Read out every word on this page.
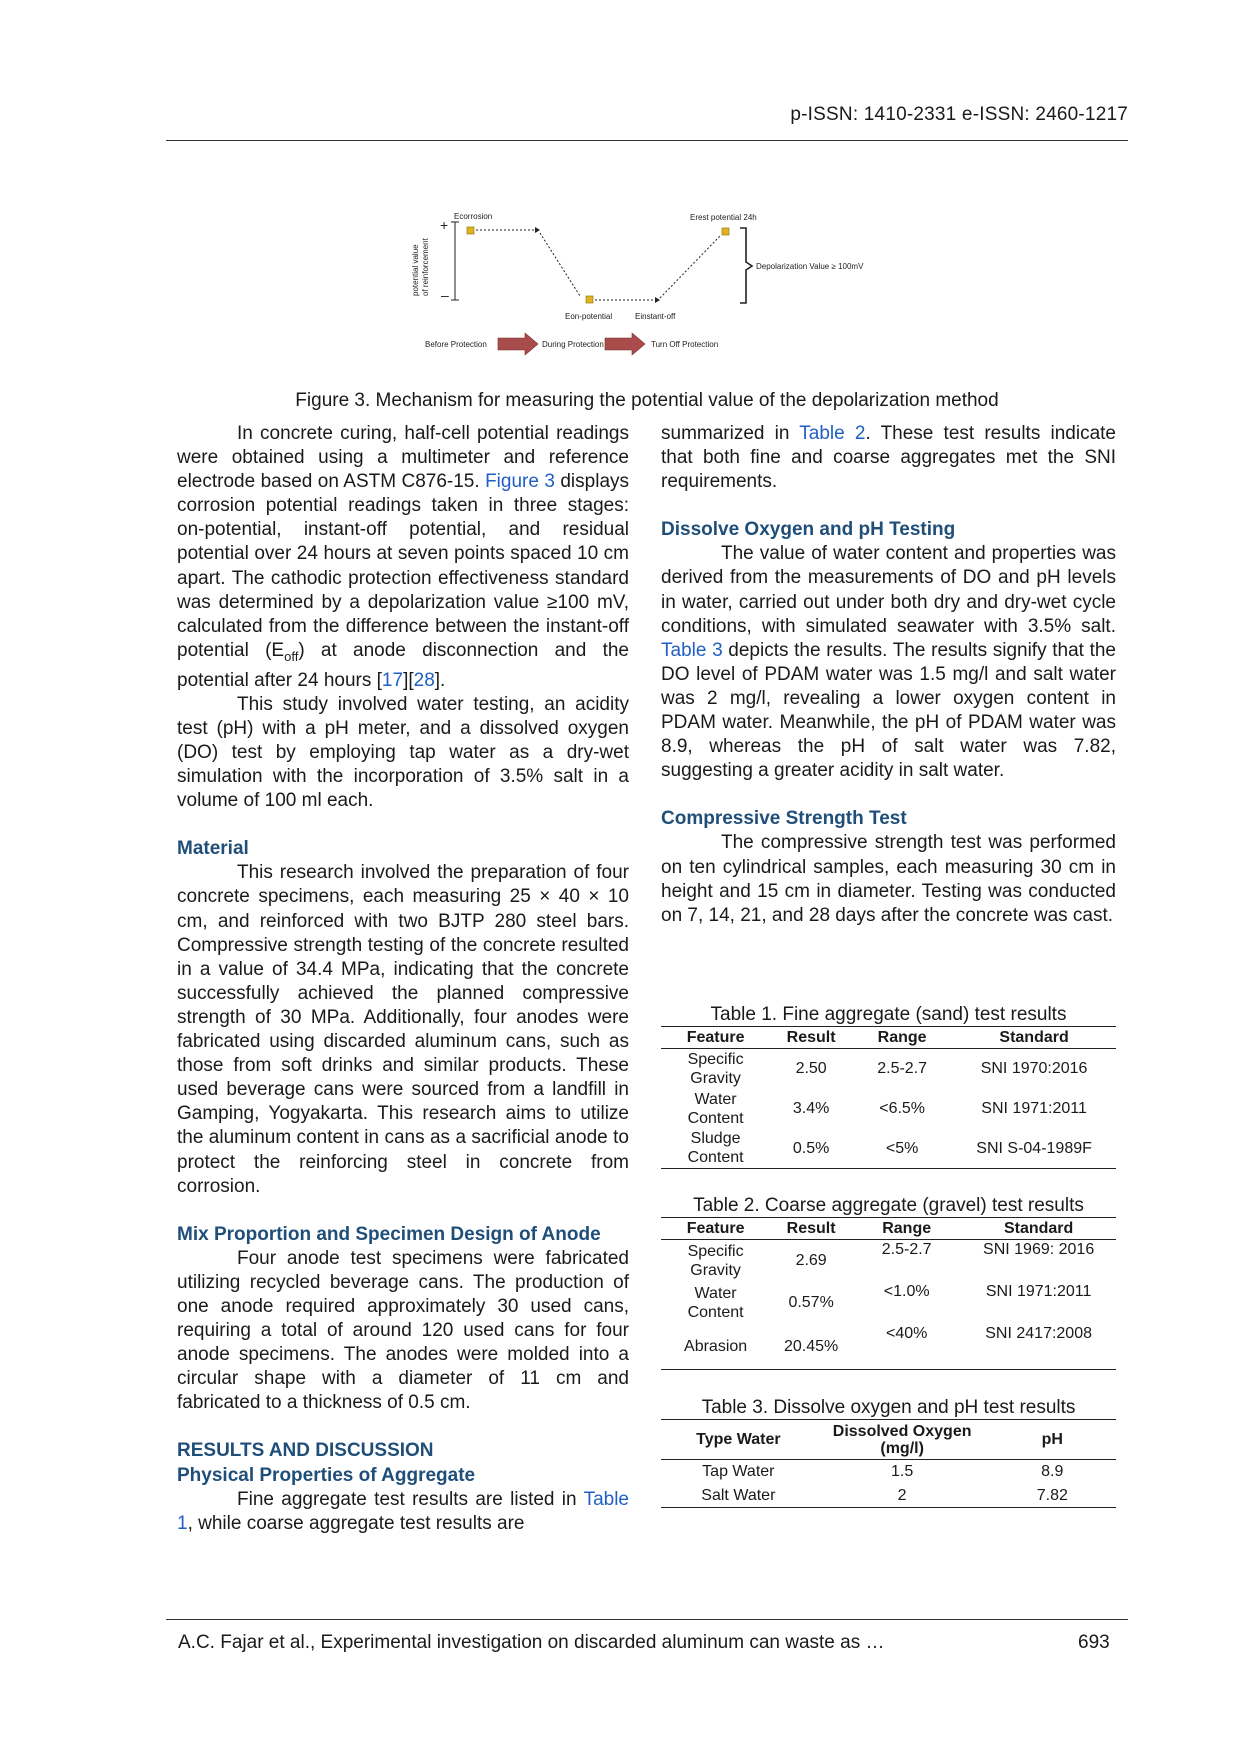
p-ISSN: 1410-2331 e-ISSN: 2460-1217
potential value of reinforcement
+
–
Ecorrosion
Eon-potential	Einstant-off
Erest potential 24h
Depolarization Value ≥ 100mV
Before Protection	During Protection	Turn Off Protection
Figure 3. Mechanism for measuring the potential value of the depolarization method

In concrete curing, half-cell potential readings were obtained using a multimeter and reference electrode based on ASTM C876-15. Figure 3 displays corrosion potential readings taken in three stages: on-potential, instant-off potential, and residual potential over 24 hours at seven points spaced 10 cm apart. The cathodic protection effectiveness standard was determined by a depolarization value ≥100 mV, calculated from the difference between the instant-off potential $(E_{off})$ at anode disconnection and the potential after 24 hours [17][28].

This study involved water testing, an acidity test (pH) with a pH meter, and a dissolved oxygen (DO) test by employing tap water as a dry-wet simulation with the incorporation of 3.5% salt in a volume of 100 ml each.

Material

This research involved the preparation of four concrete specimens, each measuring 25 × 40 × 10 cm, and reinforced with two BJTP 280 steel bars. Compressive strength testing of the concrete resulted in a value of 34.4 MPa, indicating that the concrete successfully achieved the planned compressive strength of 30 MPa. Additionally, four anodes were fabricated using discarded aluminum cans, such as those from soft drinks and similar products. These used beverage cans were sourced from a landfill in Gamping, Yogyakarta. This research aims to utilize the aluminum content in cans as a sacrificial anode to protect the reinforcing steel in concrete from corrosion.

Mix Proportion and Specimen Design of Anode

Four anode test specimens were fabricated utilizing recycled beverage cans. The production of one anode required approximately 30 used cans, requiring a total of around 120 used cans for four anode specimens. The anodes were molded into a circular shape with a diameter of 11 cm and fabricated to a thickness of 0.5 cm.

RESULTS AND DISCUSSION

Physical Properties of Aggregate

Fine aggregate test results are listed in Table 1, while coarse aggregate test results are

summarized in Table 2. These test results indicate that both fine and coarse aggregates met the SNI requirements.

Dissolve Oxygen and pH Testing

The value of water content and properties was derived from the measurements of DO and pH levels in water, carried out under both dry and dry-wet cycle conditions, with simulated seawater with 3.5% salt. Table 3 depicts the results. The results signify that the DO level of PDAM water was 1.5 mg/l and salt water was 2 mg/l, revealing a lower oxygen content in PDAM water. Meanwhile, the pH of PDAM water was 8.9, whereas the pH of salt water was 7.82, suggesting a greater acidity in salt water.

Compressive Strength Test

The compressive strength test was performed on ten cylindrical samples, each measuring 30 cm in height and 15 cm in diameter. Testing was conducted on 7, 14, 21, and 28 days after the concrete was cast.

Table 1. Fine aggregate (sand) test results
Feature	Result	Range	Standard
Specific Gravity	2.50	2.5-2.7	SNI 1970:2016
Water Content	3.4%	<6.5%	SNI 1971:2011
Sludge Content	0.5%	<5%	SNI S-04-1989F
Table 2. Coarse aggregate (gravel) test results
Feature	Result	Range	Standard
Specific Gravity	2.69	2.5-2.7	SNI 1969: 2016
Water Content	0.57%	<1.0%	SNI 1971:2011
Abrasion	20.45%	<40%	SNI 2417:2008
Table 3. Dissolve oxygen and pH test results
Type Water	Dissolved Oxygen (mg/l)	pH
Tap Water	1.5	8.9
Salt Water	2	7.82
A.C. Fajar et al., Experimental investigation on discarded aluminum can waste as …	693
